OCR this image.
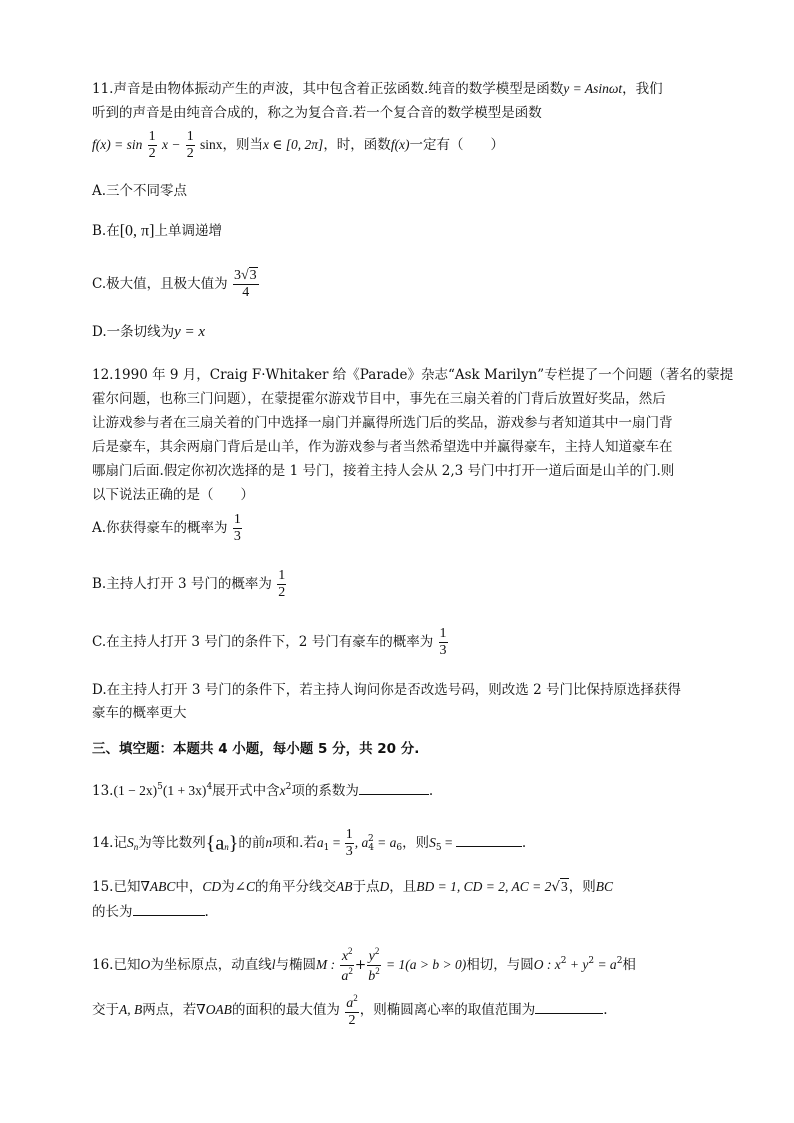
11.声音是由物体振动产生的声波，其中包含着正弦函数.纯音的数学模型是函数y = Asinωt，我们
听到的声音是由纯音合成的，称之为复合音.若一个复合音的数学模型是函数
$f(x) = \sin \frac{1}{2}$ $x - \frac{1}{2}$ sinx，则当x ∈ [0, 2π]，时，函数f(x)一定有（　　）
A.三个不同零点
B.在[0, π]上单调递增
C.极大值，且极大值为 $\frac{3√3}{4}$
D.一条切线为y = x
12.1990 年 9 月，Craig F·Whitaker 给《Parade》杂志“Ask Marilyn”专栏提了一个问题（著名的蒙提
霍尔问题，也称三门问题），在蒙提霍尔游戏节目中，事先在三扇关着的门背后放置好奖品，然后
让游戏参与者在三扇关着的门中选择一扇门并赢得所选门后的奖品，游戏参与者知道其中一扇门背
后是豪车，其余两扇门背后是山羊，作为游戏参与者当然希望选中并赢得豪车，主持人知道豪车在
哪扇门后面.假定你初次选择的是 1 号门，接着主持人会从 2,3 号门中打开一道后面是山羊的门.则
以下说法正确的是（　　）
A.你获得豪车的概率为 $\frac{1}{3}$
B.主持人打开 3 号门的概率为 $\frac{1}{2}$
C.在主持人打开 3 号门的条件下，2 号门有豪车的概率为 $\frac{1}{3}$
D.在主持人打开 3 号门的条件下，若主持人询问你是否改选号码，则改选 2 号门比保持原选择获得
豪车的概率更大
三、填空题：本题共 4 小题，每小题 5 分，共 20 分.
$13.(1 - 2x)^5(1 + 3x)^4$展开式中含$x^2$项的系数为	.
14.记$S_n$为等比数列$\{a_n\}$的前n项和.若$a_1 = \frac{1}{3}$ , $a_4^2 = a_6$，则$S_5$ =	.
15.已知∇ABC中，CD为∠C的角平分线交AB于点D，且BD = 1, CD = 2, AC = 2√3，则BC
的长为	.
16.已知O为坐标原点，动直线l与椭圆M : $\frac{x^2}{a^2} + \frac{y^2}{b^2} = 1(a > b > 0)$相切，与圆O : $x^2 + y^2 = a^2$相
交于A, B两点，若∇OAB的面积的最大值为 $\frac{a^2}{2}$ ，则椭圆离心率的取值范围为	.
